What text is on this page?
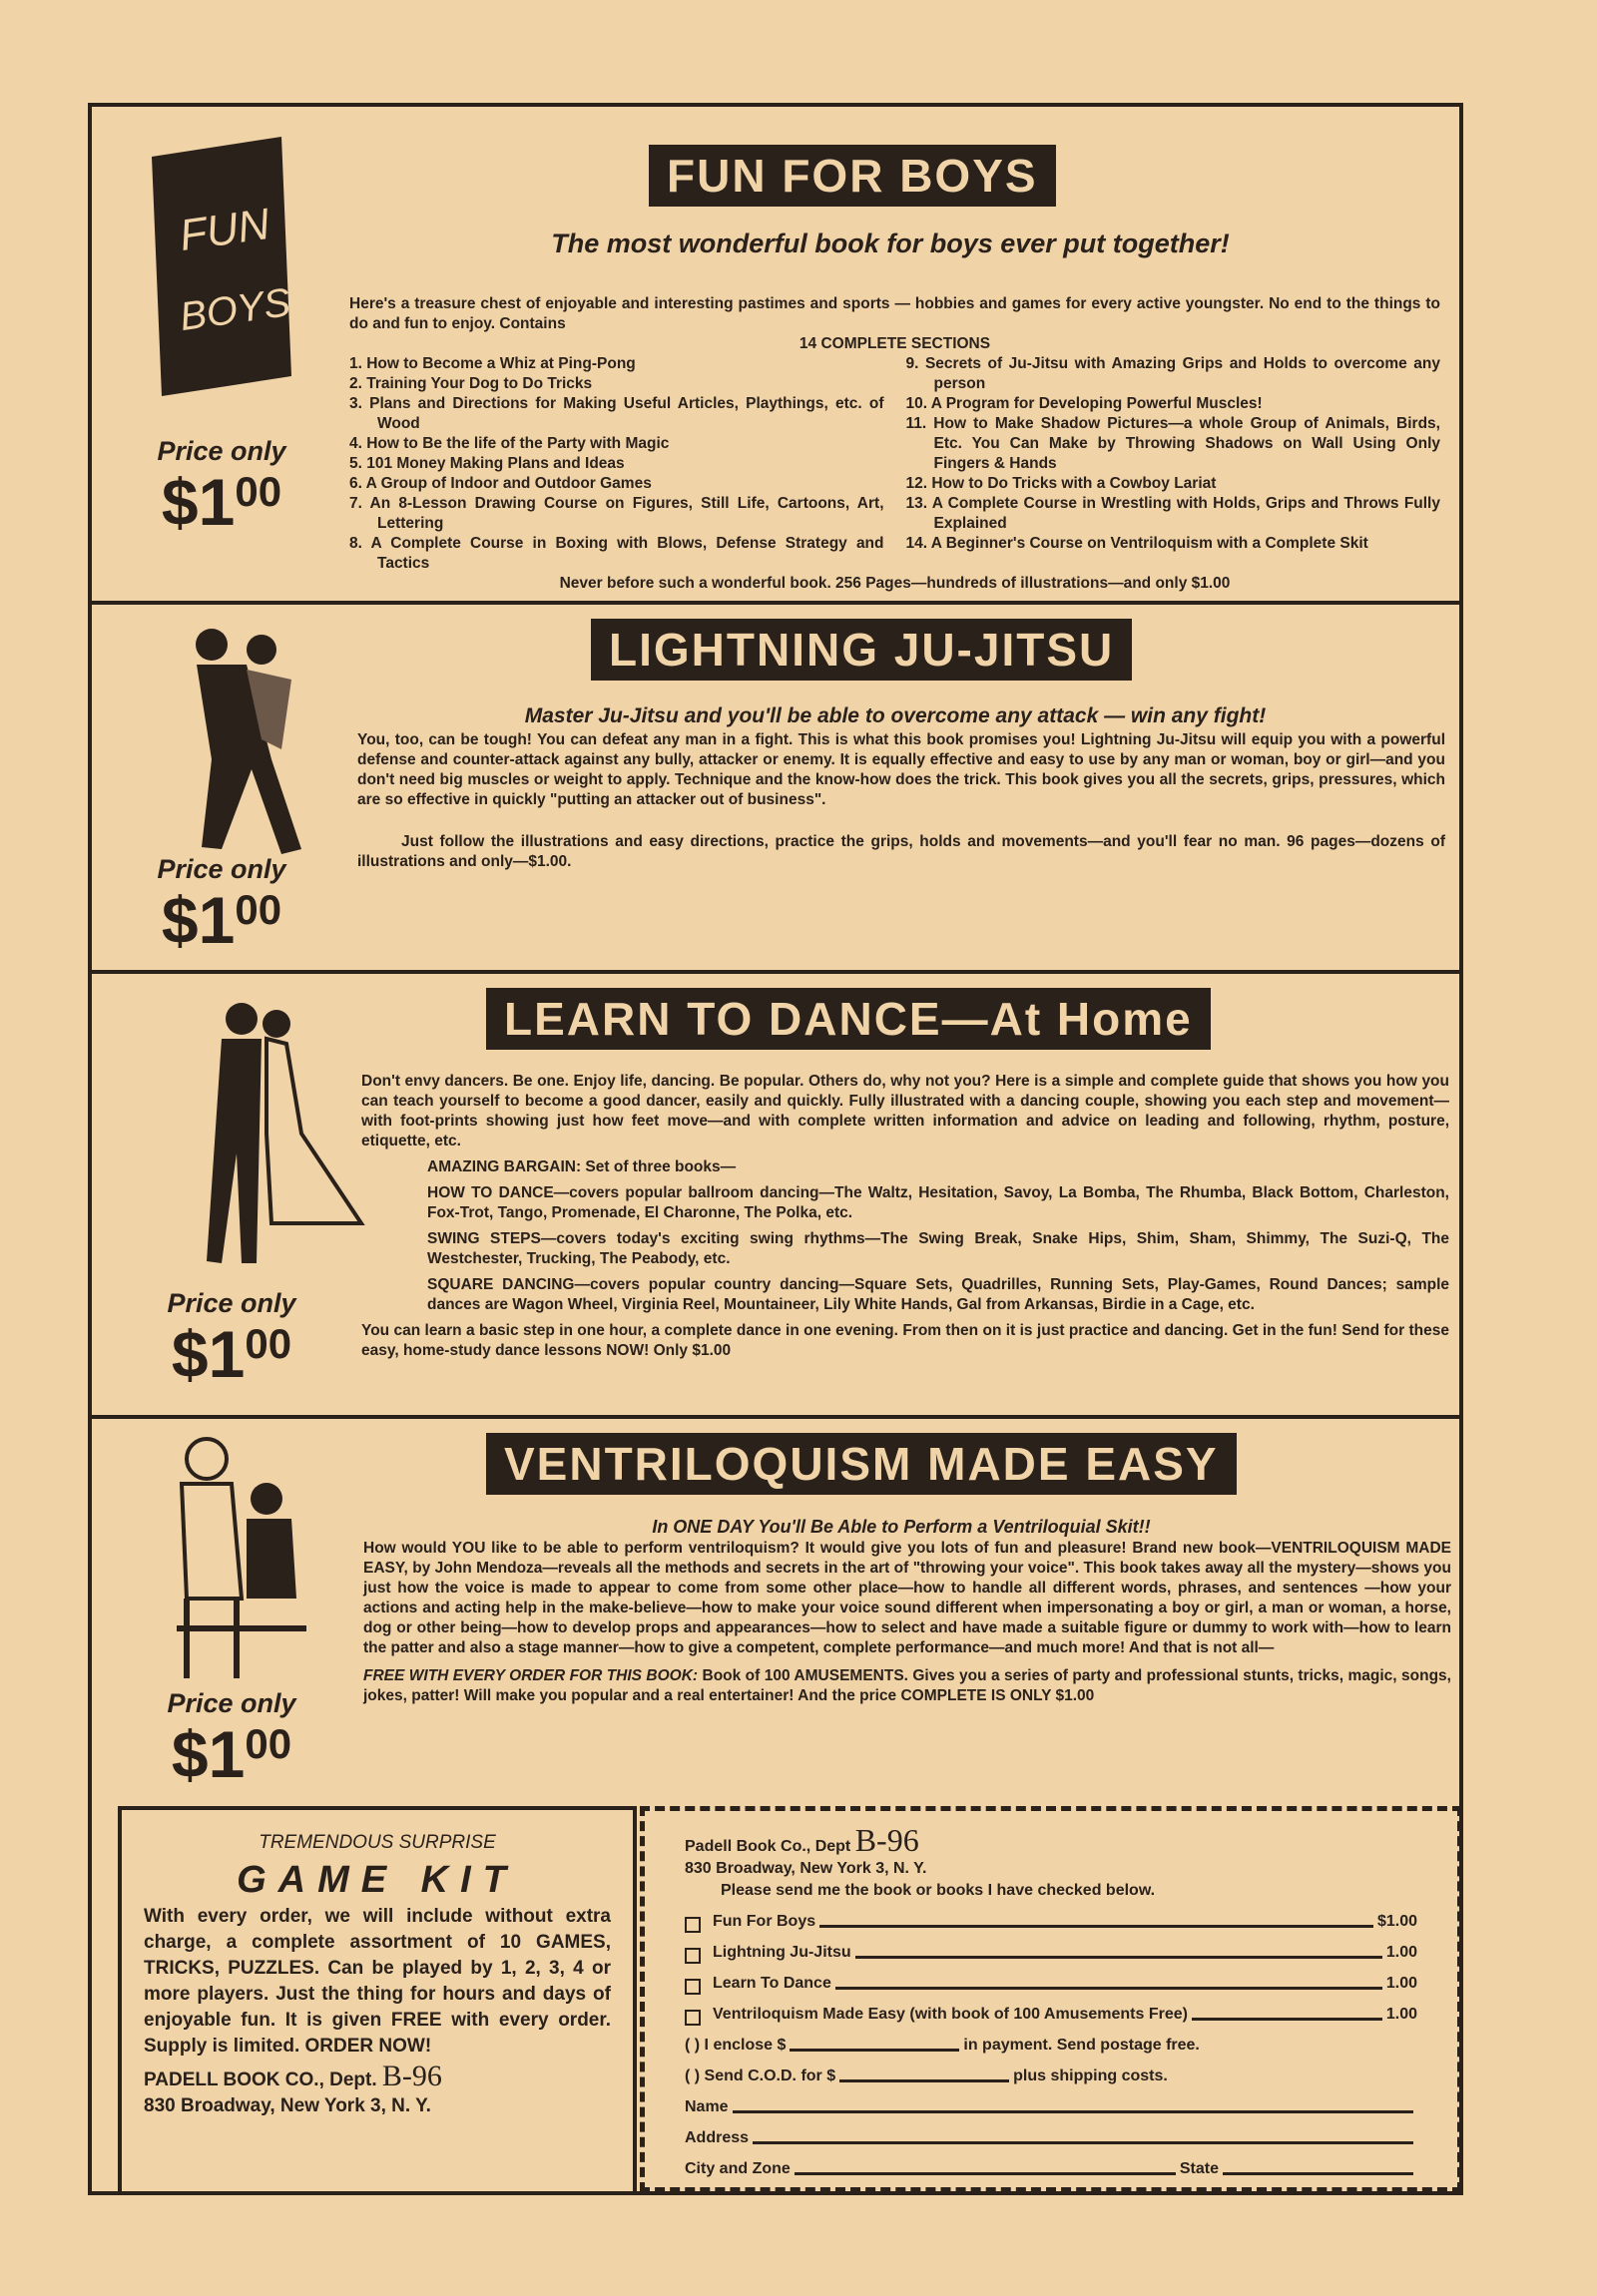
FUN
BOYS
Price only
$\$1^{00}$
FUN FOR BOYS
The most wonderful book for boys ever put together!
Here's a treasure chest of enjoyable and interesting pastimes and sports — hobbies and games for every active youngster. No end to the things to do and fun to enjoy. Contains
14 COMPLETE SECTIONS
1. How to Become a Whiz at Ping-Pong
2. Training Your Dog to Do Tricks
3. Plans and Directions for Making Useful Articles, Playthings, etc. of Wood
4. How to Be the life of the Party with Magic
5. 101 Money Making Plans and Ideas
6. A Group of Indoor and Outdoor Games
7. An 8-Lesson Drawing Course on Figures, Still Life, Cartoons, Art, Lettering
8. A Complete Course in Boxing with Blows, Defense Strategy and Tactics
9. Secrets of Ju-Jitsu with Amazing Grips and Holds to overcome any person
10. A Program for Developing Powerful Muscles!
11. How to Make Shadow Pictures—a whole Group of Animals, Birds, Etc. You Can Make by Throwing Shadows on Wall Using Only Fingers & Hands
12. How to Do Tricks with a Cowboy Lariat
13. A Complete Course in Wrestling with Holds, Grips and Throws Fully Explained
14. A Beginner's Course on Ventriloquism with a Complete Skit
Never before such a wonderful book. 256 Pages—hundreds of illustrations—and only $1.00
Price only
$\$1^{00}$
LIGHTNING JU-JITSU
Master Ju-Jitsu and you'll be able to overcome any attack — win any fight!
You, too, can be tough! You can defeat any man in a fight. This is what this book promises you! Lightning Ju-Jitsu will equip you with a powerful defense and counter-attack against any bully, attacker or enemy. It is equally effective and easy to use by any man or woman, boy or girl—and you don't need big muscles or weight to apply. Technique and the know-how does the trick. This book gives you all the secrets, grips, pressures, which are so effective in quickly "putting an attacker out of business".
Just follow the illustrations and easy directions, practice the grips, holds and movements—and you'll fear no man. 96 pages—dozens of illustrations and only—$1.00.
Price only
$\$1^{00}$
LEARN TO DANCE—At Home
Don't envy dancers. Be one. Enjoy life, dancing. Be popular. Others do, why not you? Here is a simple and complete guide that shows you how you can teach yourself to become a good dancer, easily and quickly. Fully illustrated with a dancing couple, showing you each step and movement—with foot-prints showing just how feet move—and with complete written information and advice on leading and following, rhythm, posture, etiquette, etc.
AMAZING BARGAIN: Set of three books—
HOW TO DANCE—covers popular ballroom dancing—The Waltz, Hesitation, Savoy, La Bomba, The Rhumba, Black Bottom, Charleston, Fox-Trot, Tango, Promenade, El Charonne, The Polka, etc.
SWING STEPS—covers today's exciting swing rhythms—The Swing Break, Snake Hips, Shim, Sham, Shimmy, The Suzi-Q, The Westchester, Trucking, The Peabody, etc.
SQUARE DANCING—covers popular country dancing—Square Sets, Quadrilles, Running Sets, Play-Games, Round Dances; sample dances are Wagon Wheel, Virginia Reel, Mountaineer, Lily White Hands, Gal from Arkansas, Birdie in a Cage, etc.
You can learn a basic step in one hour, a complete dance in one evening. From then on it is just practice and dancing. Get in the fun! Send for these easy, home-study dance lessons NOW! Only $1.00
Price only
$\$1^{00}$
VENTRILOQUISM MADE EASY
In ONE DAY You'll Be Able to Perform a Ventriloquial Skit!!
How would YOU like to be able to perform ventriloquism? It would give you lots of fun and pleasure! Brand new book—VENTRILOQUISM MADE EASY, by John Mendoza—reveals all the methods and secrets in the art of "throwing your voice". This book takes away all the mystery—shows you just how the voice is made to appear to come from some other place—how to handle all different words, phrases, and sentences —how your actions and acting help in the make-believe—how to make your voice sound different when impersonating a boy or girl, a man or woman, a horse, dog or other being—how to develop props and appearances—how to select and have made a suitable figure or dummy to work with—how to learn the patter and also a stage manner—how to give a competent, complete performance—and much more! And that is not all—
FREE WITH EVERY ORDER FOR THIS BOOK: Book of 100 AMUSEMENTS. Gives you a series of party and professional stunts, tricks, magic, songs, jokes, patter! Will make you popular and a real entertainer! And the price COMPLETE IS ONLY $1.00
TREMENDOUS SURPRISE
GAME KIT
With every order, we will include without extra charge, a complete assortment of 10 GAMES, TRICKS, PUZZLES. Can be played by 1, 2, 3, 4 or more players. Just the thing for hours and days of enjoyable fun. It is given FREE with every order. Supply is limited. ORDER NOW!
PADELL BOOK CO., Dept. B-96
830 Broadway, New York 3, N. Y.
Padell Book Co., Dept B-96
830 Broadway, New York 3, N. Y.
Please send me the book or books I have checked below.
Fun For Boys	$1.00
Lightning Ju-Jitsu	1.00
Learn To Dance	1.00
Ventriloquism Made Easy (with book of 100 Amusements Free)	1.00
( ) I enclose $	in payment. Send postage free.
( ) Send C.O.D. for $	plus shipping costs.
Name
Address
City and Zone	State
